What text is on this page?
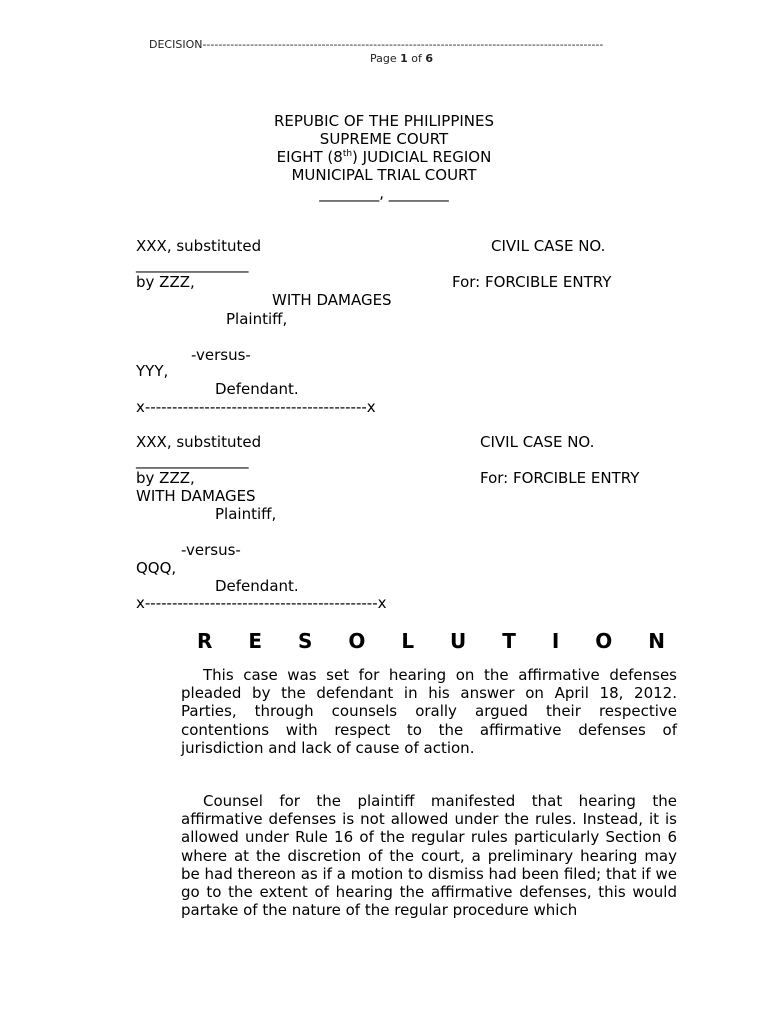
DECISION-----------------------------------------------------------------------------------------------------
Page 1 of 6
REPUBIC OF THE PHILIPPINES
SUPREME COURT
EIGHT (8th) JUDICIAL REGION
MUNICIPAL TRIAL COURT
________, ________
XXX, substituted	CIVIL CASE NO.
_______________
by ZZZ,	For: FORCIBLE ENTRY
WITH DAMAGES
Plaintiff,
-versus-
YYY,
Defendant.
x-----------------------------------------x
XXX, substituted	CIVIL CASE NO.
_______________
by ZZZ,	For: FORCIBLE ENTRY
WITH DAMAGES
Plaintiff,
-versus-
QQQ,
Defendant.
x-------------------------------------------x
R E S O L U T I O N
This case was set for hearing on the affirmative defenses pleaded by the defendant in his answer on April 18, 2012. Parties, through counsels orally argued their respective contentions with respect to the affirmative defenses of jurisdiction and lack of cause of action.
Counsel for the plaintiff manifested that hearing the affirmative defenses is not allowed under the rules. Instead, it is allowed under Rule 16 of the regular rules particularly Section 6 where at the discretion of the court, a preliminary hearing may be had thereon as if a motion to dismiss had been filed; that if we go to the extent of hearing the affirmative defenses, this would partake of the nature of the regular procedure which
